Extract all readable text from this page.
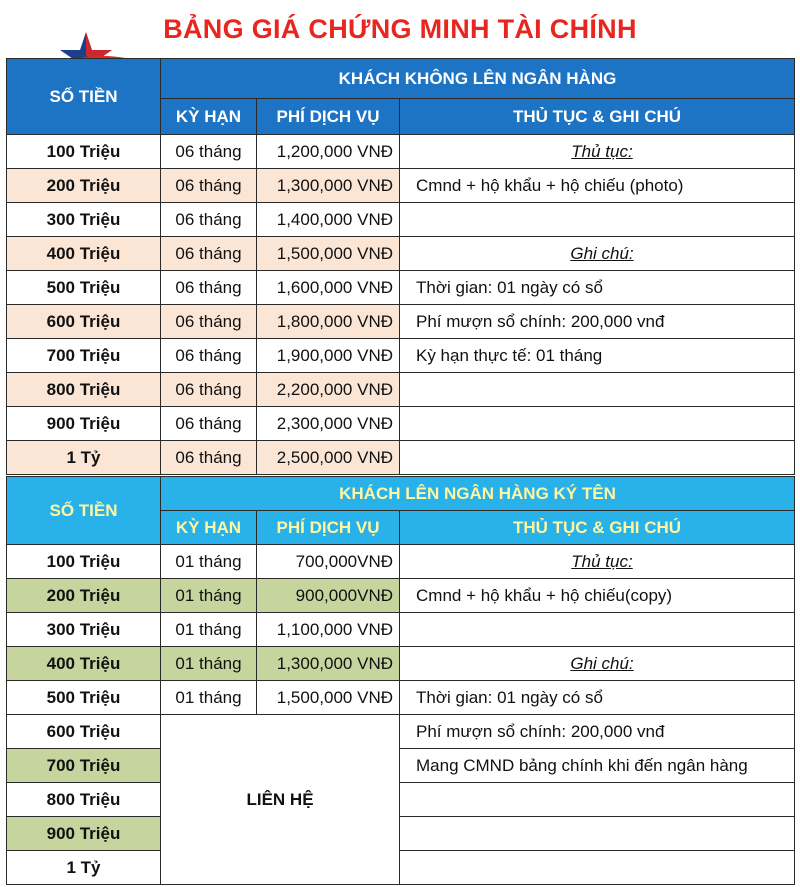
BẢNG GIÁ CHỨNG MINH TÀI CHÍNH
SỐ TIỀN	KHÁCH KHÔNG LÊN NGÂN HÀNG		
	KỲ HẠN	PHÍ DỊCH VỤ	THỦ TỤC & GHI CHÚ
100 Triệu	06 tháng	1,200,000 VNĐ	Thủ tục:
200 Triệu	06 tháng	1,300,000 VNĐ	Cmnd + hộ khẩu + hộ chiếu (photo)
300 Triệu	06 tháng	1,400,000 VNĐ	
400 Triệu	06 tháng	1,500,000 VNĐ	Ghi chú:
500 Triệu	06 tháng	1,600,000 VNĐ	Thời gian: 01 ngày có sổ
600 Triệu	06 tháng	1,800,000 VNĐ	Phí mượn sổ chính: 200,000 vnđ
700 Triệu	06 tháng	1,900,000 VNĐ	Kỳ hạn thực tế: 01 tháng
800 Triệu	06 tháng	2,200,000 VNĐ	
900 Triệu	06 tháng	2,300,000 VNĐ	
1 Tỷ	06 tháng	2,500,000 VNĐ	
SỐ TIỀN	KHÁCH LÊN NGÂN HÀNG KÝ TÊN		
	KỲ HẠN	PHÍ DỊCH VỤ	THỦ TỤC & GHI CHÚ
100 Triệu	01 tháng	700,000VNĐ	Thủ tục:
200 Triệu	01 tháng	900,000VNĐ	Cmnd + hộ khẩu + hộ chiếu(copy)
300 Triệu	01 tháng	1,100,000 VNĐ	
400 Triệu	01 tháng	1,300,000 VNĐ	Ghi chú:
500 Triệu	01 tháng	1,500,000 VNĐ	Thời gian: 01 ngày có sổ
600 Triệu	LIÊN HỆ		Phí mượn sổ chính: 200,000 vnđ
700 Triệu			Mang CMND bảng chính khi đến ngân hàng
800 Triệu			
900 Triệu			
1 Tỷ			
